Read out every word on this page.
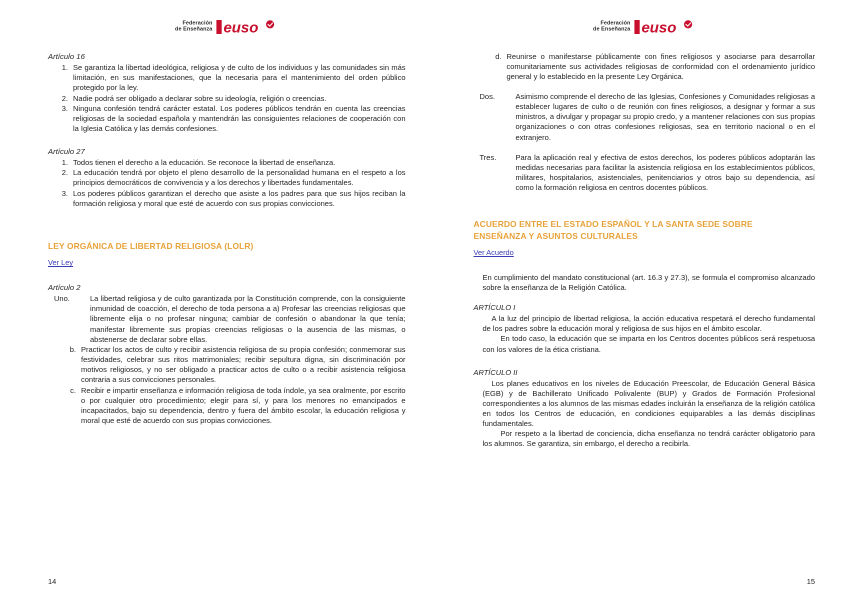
Federación
de Enseñanza euso

Artículo 16

1. Se garantiza la libertad ideológica, religiosa y de culto de los individuos y las comunidades sin más limitación, en sus manifestaciones, que la necesaria para el mantenimiento del orden público protegido por la ley.
2. Nadie podrá ser obligado a declarar sobre su ideología, religión o creencias.
3. Ninguna confesión tendrá carácter estatal. Los poderes públicos tendrán en cuenta las creencias religiosas de la sociedad española y mantendrán las consiguientes relaciones de cooperación con la Iglesia Católica y las demás confesiones.

Artículo 27

1. Todos tienen el derecho a la educación. Se reconoce la libertad de enseñanza.
2. La educación tendrá por objeto el pleno desarrollo de la personalidad humana en el respeto a los principios democráticos de convivencia y a los derechos y libertades fundamentales.
3. Los poderes públicos garantizan el derecho que asiste a los padres para que sus hijos reciban la formación religiosa y moral que esté de acuerdo con sus propias convicciones.

LEY ORGÁNICA DE LIBERTAD RELIGIOSA (LOLR)

Ver Ley

Artículo 2

Uno.	La libertad religiosa y de culto garantizada por la Constitución comprende, con la consiguiente inmunidad de coacción, el derecho de toda persona a a) Profesar las creencias religiosas que libremente elija o no profesar ninguna; cambiar de confesión o abandonar la que tenía; manifestar libremente sus propias creencias religiosas o la ausencia de las mismas, o abstenerse de declarar sobre ellas.
b. Practicar los actos de culto y recibir asistencia religiosa de su propia confesión; conmemorar sus festividades, celebrar sus ritos matrimoniales; recibir sepultura digna, sin discriminación por motivos religiosos, y no ser obligado a practicar actos de culto o a recibir asistencia religiosa contraria a sus convicciones personales.
c. Recibir e impartir enseñanza e información religiosa de toda índole, ya sea oralmente, por escrito o por cualquier otro procedimiento; elegir para sí, y para los menores no emancipados e incapacitados, bajo su dependencia, dentro y fuera del ámbito escolar, la educación religiosa y moral que esté de acuerdo con sus propias convicciones.
14
Federación
de Enseñanza euso
d. Reunirse o manifestarse públicamente con fines religiosos y asociarse para desarrollar comunitariamente sus actividades religiosas de conformidad con el ordenamiento jurídico general y lo establecido en la presente Ley Orgánica.
Dos.	Asimismo comprende el derecho de las Iglesias, Confesiones y Comunidades religiosas a establecer lugares de culto o de reunión con fines religiosos, a designar y formar a sus ministros, a divulgar y propagar su propio credo, y a mantener relaciones con sus propias organizaciones o con otras confesiones religiosas, sea en territorio nacional o en el extranjero.
Tres.	Para la aplicación real y efectiva de estos derechos, los poderes públicos adoptarán las medidas necesarias para facilitar la asistencia religiosa en los establecimientos públicos, militares, hospitalarios, asistenciales, penitenciarios y otros bajo su dependencia, así como la formación religiosa en centros docentes públicos.

ACUERDO ENTRE EL ESTADO ESPAÑOL Y LA SANTA SEDE SOBRE

ENSEÑANZA Y ASUNTOS CULTURALES

Ver Acuerdo

En cumplimiento del mandato constitucional (art. 16.3 y 27.3), se formula el compromiso alcanzado sobre la enseñanza de la Religión Católica.

ARTÍCULO I

A la luz del principio de libertad religiosa, la acción educativa respetará el derecho fundamental de los padres sobre la educación moral y religiosa de sus hijos en el ámbito escolar.

En todo caso, la educación que se imparta en los Centros docentes públicos será respetuosa con los valores de la ética cristiana.

ARTÍCULO II

Los planes educativos en los niveles de Educación Preescolar, de Educación General Básica (EGB) y de Bachillerato Unificado Polivalente (BUP) y Grados de Formación Profesional correspondientes a los alumnos de las mismas edades incluirán la enseñanza de la religión católica en todos los Centros de educación, en condiciones equiparables a las demás disciplinas fundamentales.

Por respeto a la libertad de conciencia, dicha enseñanza no tendrá carácter obligatorio para los alumnos. Se garantiza, sin embargo, el derecho a recibirla.

15
